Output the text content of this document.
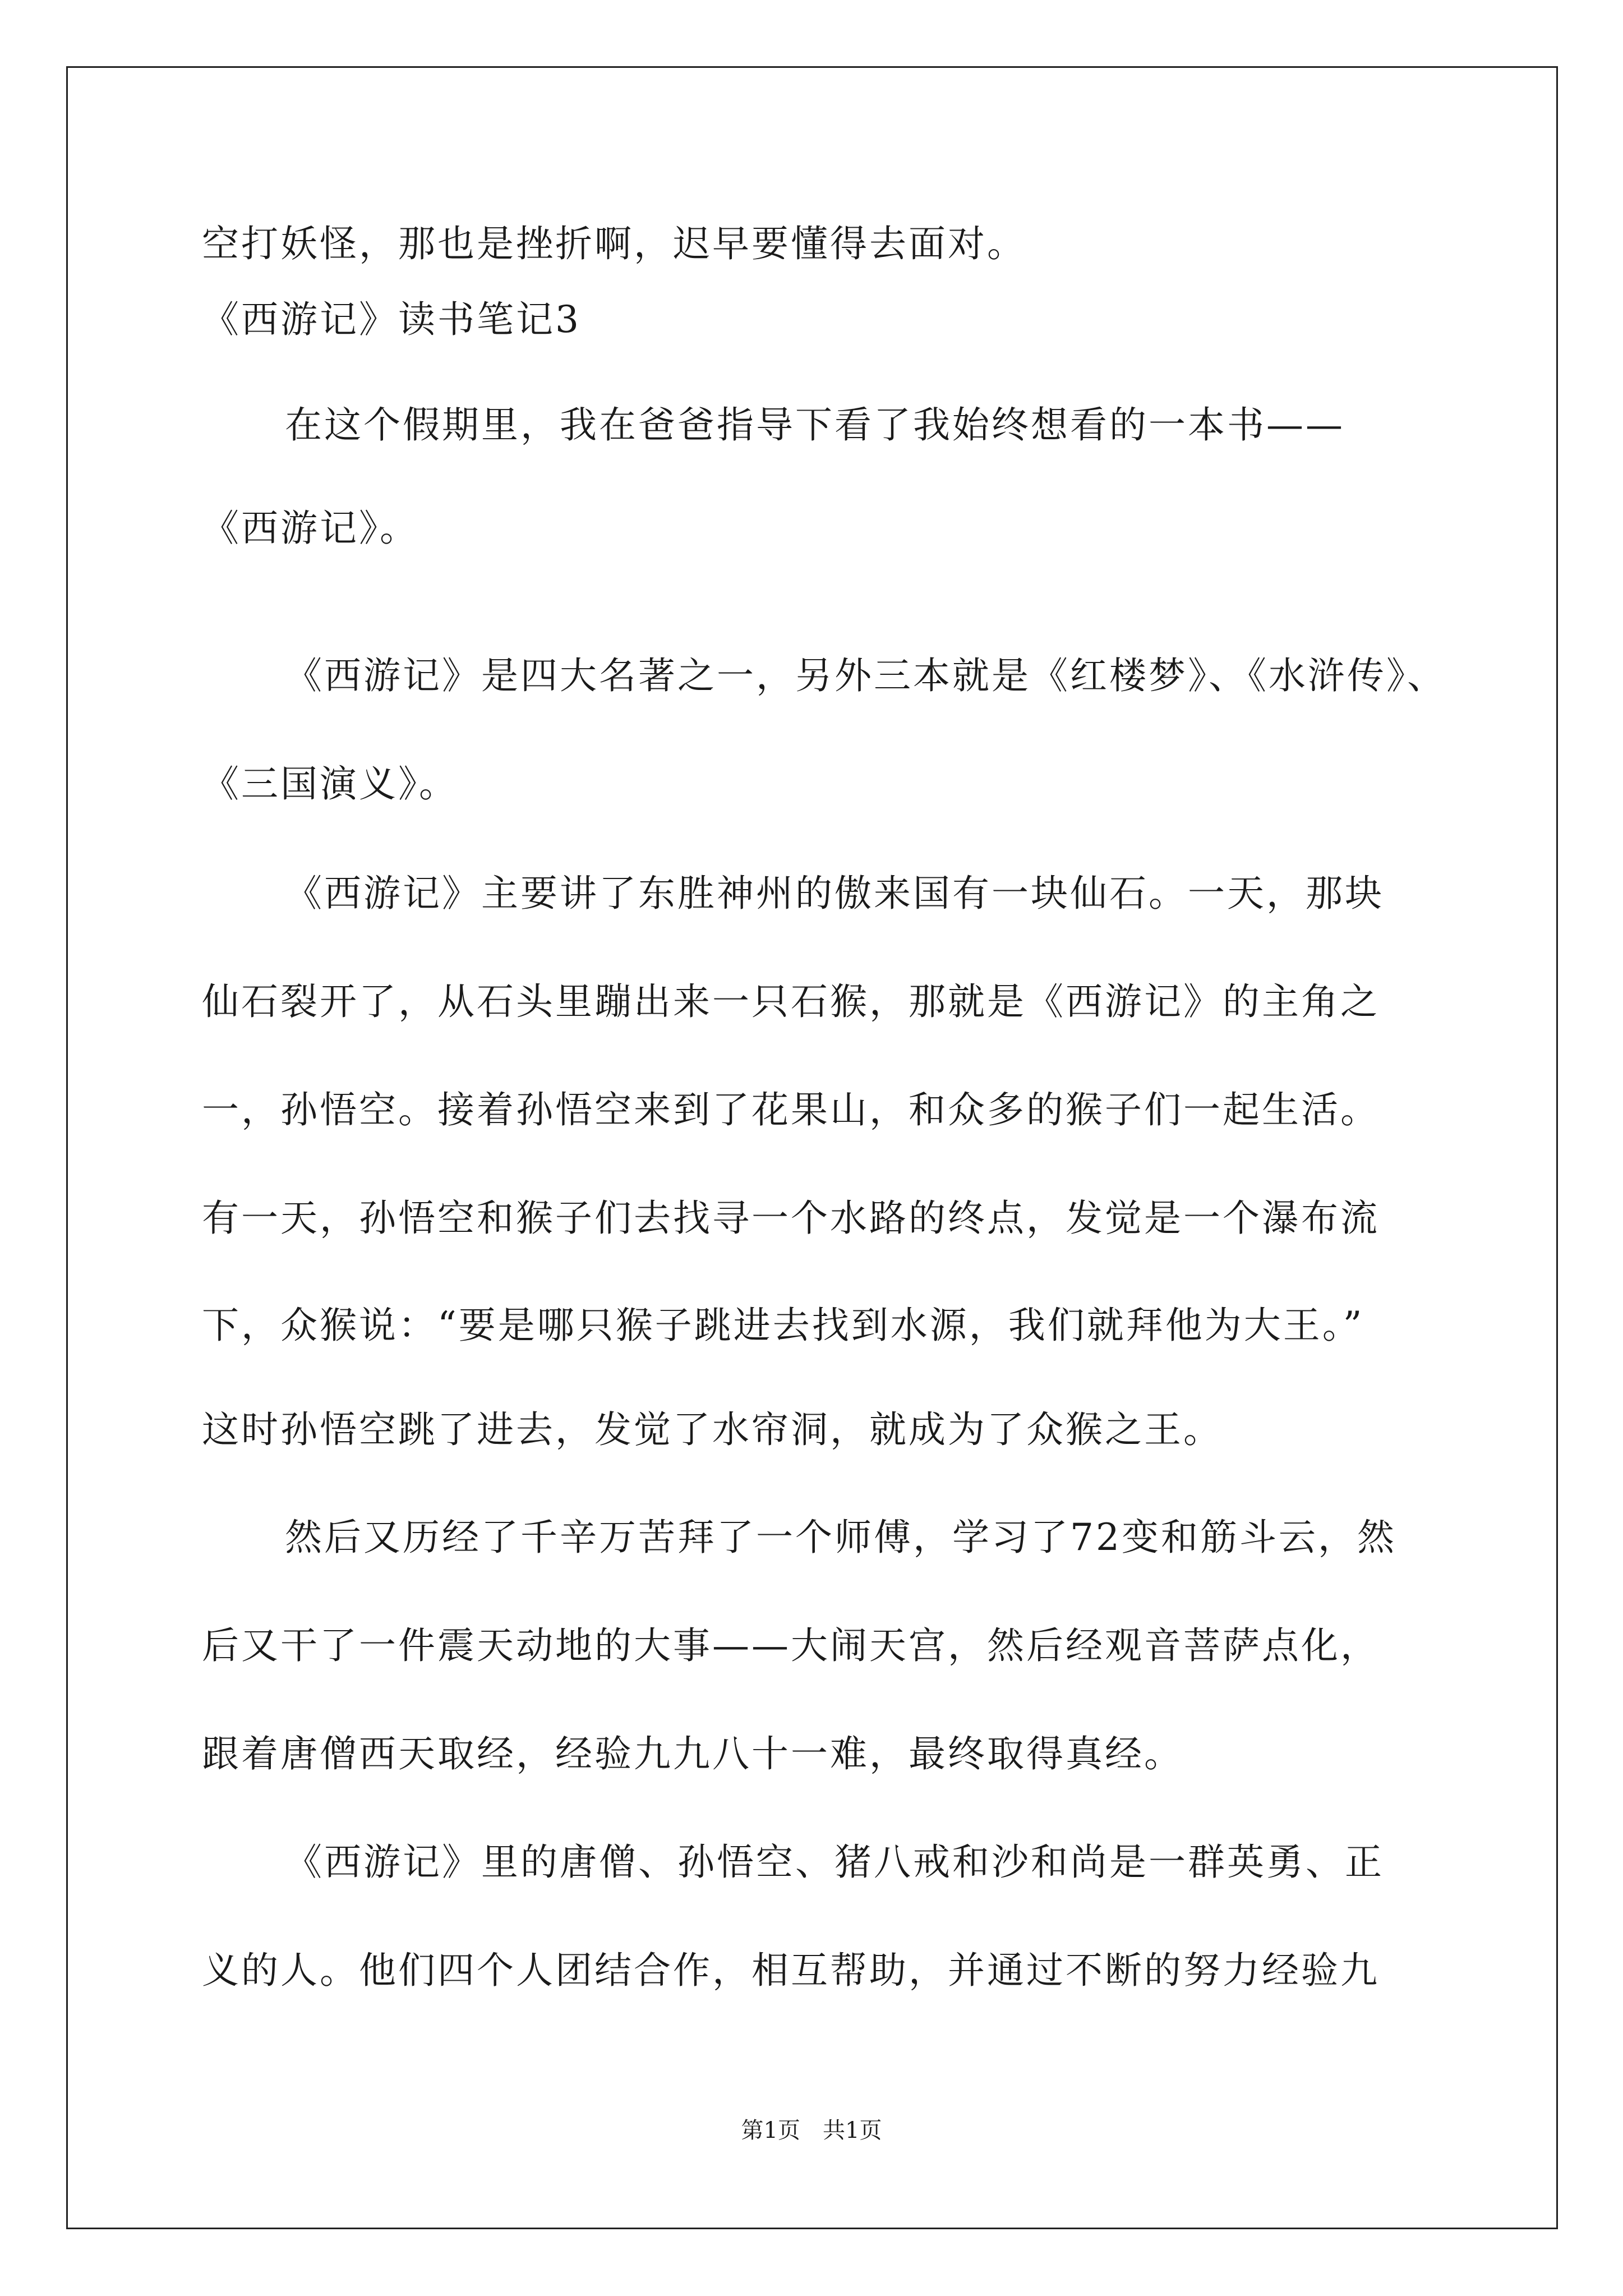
空打妖怪，那也是挫折啊，迟早要懂得去面对。
《西游记》读书笔记3
在这个假期里，我在爸爸指导下看了我始终想看的一本书——
《西游记》。
《西游记》是四大名著之一，另外三本就是《红楼梦》、《水浒传》、
《三国演义》。
《西游记》主要讲了东胜神州的傲来国有一块仙石。一天，那块
仙石裂开了，从石头里蹦出来一只石猴，那就是《西游记》的主角之
一，孙悟空。接着孙悟空来到了花果山，和众多的猴子们一起生活。
有一天，孙悟空和猴子们去找寻一个水路的终点，发觉是一个瀑布流
下，众猴说：“要是哪只猴子跳进去找到水源，我们就拜他为大王。”
这时孙悟空跳了进去，发觉了水帘洞，就成为了众猴之王。
然后又历经了千辛万苦拜了一个师傅，学习了72变和筋斗云，然
后又干了一件震天动地的大事——大闹天宫，然后经观音菩萨点化，
跟着唐僧西天取经，经验九九八十一难，最终取得真经。
《西游记》里的唐僧、孙悟空、猪八戒和沙和尚是一群英勇、正
义的人。他们四个人团结合作，相互帮助，并通过不断的努力经验九
第1页　共1页
